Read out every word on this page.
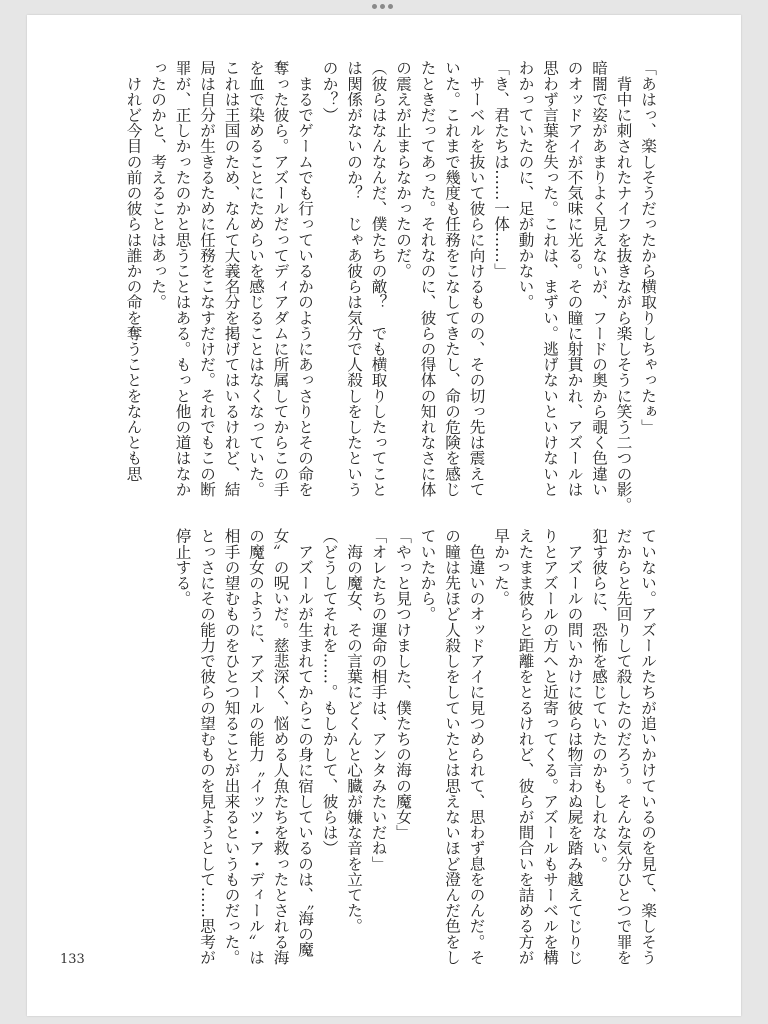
「あはっ、楽しそうだったから横取りしちゃったぁ」
　背中に刺されたナイフを抜きながら楽しそうに笑う二つの影。
暗闇で姿があまりよく見えないが、フードの奥から覗く色違い
のオッドアイが不気味に光る。その瞳に射貫かれ、アズールは
思わず言葉を失った。これは、まずい。逃げないといけないと
わかっていたのに、足が動かない。
「き、君たちは……一体……」
　サーベルを抜いて彼らに向けるものの、その切っ先は震えて
いた。これまで幾度も任務をこなしてきたし、命の危険を感じ
たときだってあった。それなのに、彼らの得体の知れなさに体
の震えが止まらなかったのだ。
（彼らはなんなんだ、僕たちの敵？　でも横取りしたってこと
は関係がないのか？　じゃあ彼らは気分で人殺しをしたという
のか？）
　まるでゲームでも行っているかのようにあっさりとその命を
奪った彼ら。アズールだってディアダムに所属してからこの手
を血で染めることにためらいを感じることはなくなっていた。
これは王国のため、なんて大義名分を掲げてはいるけれど、結
局は自分が生きるために任務をこなすだけだ。それでもこの断
罪が、正しかったのかと思うことはある。もっと他の道はなか
ったのかと、考えることはあった。
　けれど今目の前の彼らは誰かの命を奪うことをなんとも思
ていない。アズールたちが追いかけているのを見て、楽しそう
だからと先回りして殺したのだろう。そんな気分ひとつで罪を
犯す彼らに、恐怖を感じていたのかもしれない。
　アズールの問いかけに彼らは物言わぬ屍を踏み越えてじりじ
りとアズールの方へと近寄ってくる。アズールもサーベルを構
えたまま彼らと距離をとるけれど、彼らが間合いを詰める方が
早かった。
　色違いのオッドアイに見つめられて、思わず息をのんだ。そ
の瞳は先ほど人殺しをしていたとは思えないほど澄んだ色をし
ていたから。
「やっと見つけました、僕たちの海の魔女」
「オレたちの運命の相手は、アンタみたいだね」
　海の魔女、その言葉にどくんと心臓が嫌な音を立てた。
（どうしてそれを……。もしかして、彼らは）
　アズールが生まれてからこの身に宿しているのは、〝海の魔
女〟の呪いだ。慈悲深く、悩める人魚たちを救ったとされる海
の魔女のように、アズールの能力〝イッツ・ア・ディール〟は
相手の望むものをひとつ知ることが出来るというものだった。
とっさにその能力で彼らの望むものを見ようとして……思考が
停止する。
133
